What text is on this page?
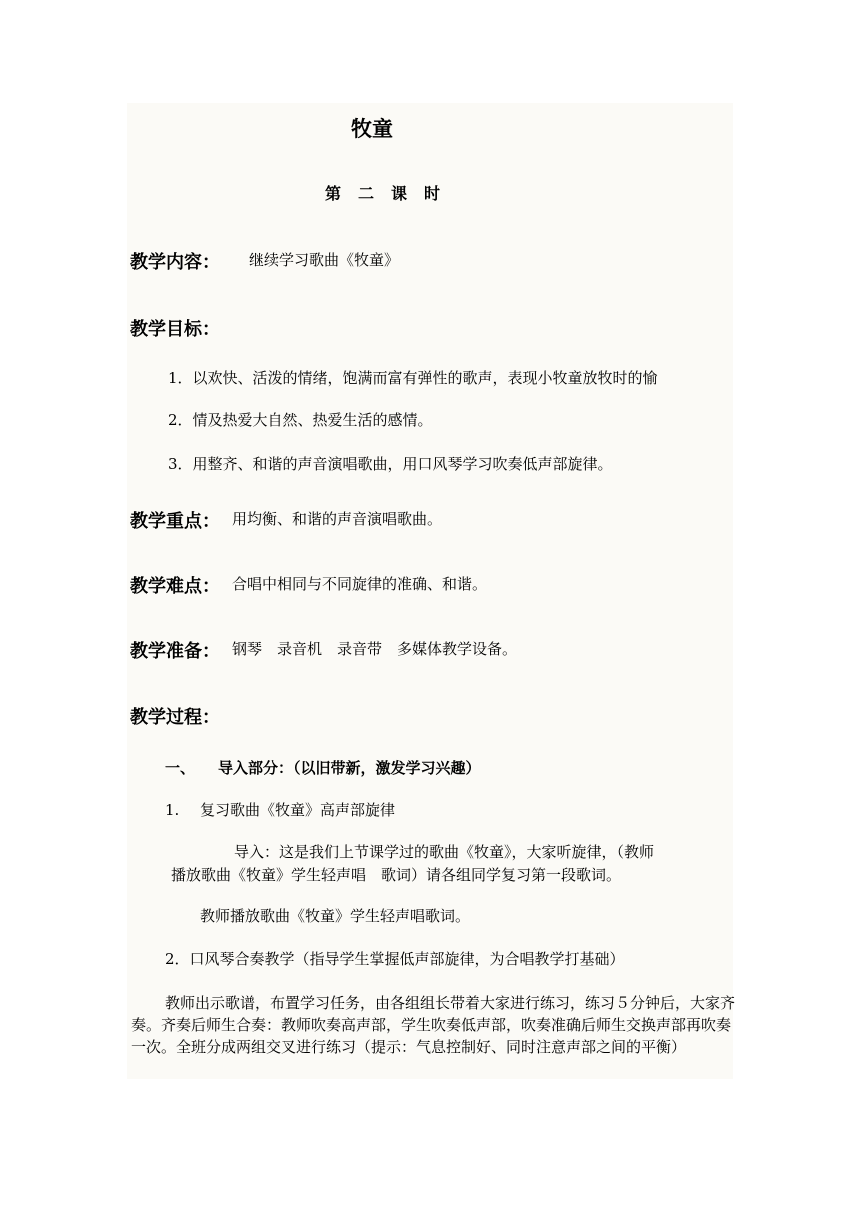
牧童
第二课时
教学内容： 继续学习歌曲《牧童》
教学目标：
1．以欢快、活泼的情绪，饱满而富有弹性的歌声，表现小牧童放牧时的愉
2．情及热爱大自然、热爱生活的感情。
3．用整齐、和谐的声音演唱歌曲，用口风琴学习吹奏低声部旋律。
教学重点： 用均衡、和谐的声音演唱歌曲。
教学难点： 合唱中相同与不同旋律的准确、和谐。
教学准备： 钢琴　录音机　录音带　多媒体教学设备。
教学过程：
一、 导入部分：（以旧带新，激发学习兴趣）
1. 复习歌曲《牧童》高声部旋律
导入：这是我们上节课学过的歌曲《牧童》，大家听旋律，（教师
播放歌曲《牧童》学生轻声唱　歌词）请各组同学复习第一段歌词。
教师播放歌曲《牧童》学生轻声唱歌词。
2．口风琴合奏教学（指导学生掌握低声部旋律，为合唱教学打基础）
教师出示歌谱，布置学习任务，由各组组长带着大家进行练习，练习５分钟后，大家齐奏。齐奏后师生合奏：教师吹奏高声部，学生吹奏低声部，吹奏准确后师生交换声部再吹奏一次。全班分成两组交叉进行练习（提示：气息控制好、同时注意声部之间的平衡）
